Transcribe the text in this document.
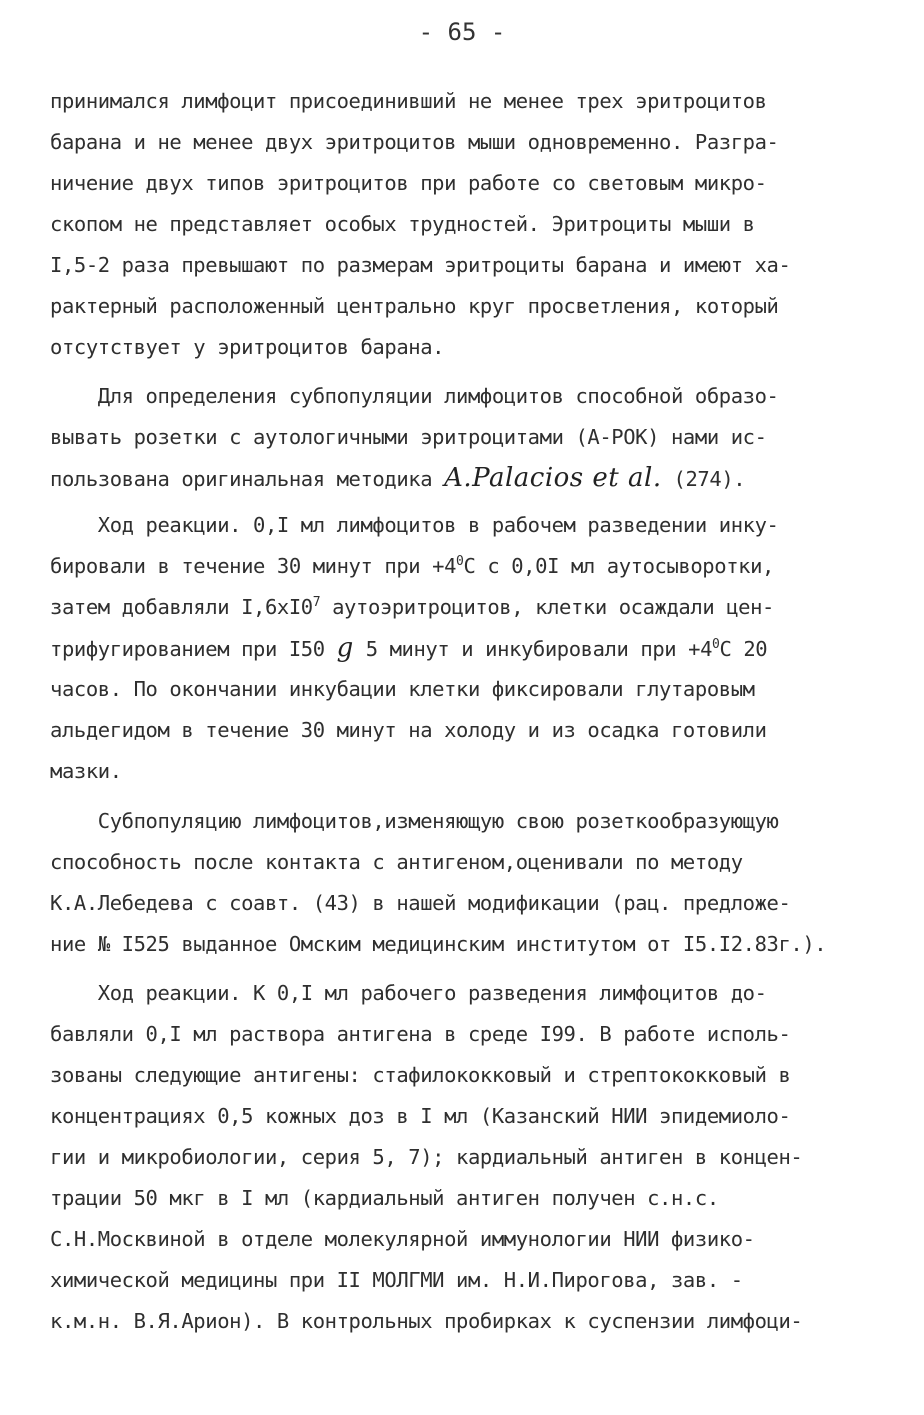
- 65 -
принимался лимфоцит присоединивший не менее трех эритроцитов
барана и не менее двух эритроцитов мыши одновременно. Разгра-
ничение двух типов эритроцитов при работе со световым микро-
скопом не представляет особых трудностей. Эритроциты мыши в
I,5-2 раза превышают по размерам эритроциты барана и имеют ха-
рактерный расположенный центрально круг просветления, который
отсутствует у эритроцитов барана.
Для определения субпопуляции лимфоцитов способной образо-
вывать розетки с аутологичными эритроцитами (А-РОК) нами ис-
пользована оригинальная методика A.Palacios et al. (274).
Ход реакции. 0,I мл лимфоцитов в рабочем разведении инку-
бировали в течение 30 минут при $+4^0С$ с 0,0I мл аутосыворотки,
затем добавляли $I,6хI0^7$ аутоэритроцитов, клетки осаждали цен-
трифугированием при I50 g 5 минут и инкубировали при $+4^0С$ 20
часов. По окончании инкубации клетки фиксировали глутаровым
альдегидом в течение 30 минут на холоду и из осадка готовили
мазки.
Субпопуляцию лимфоцитов,изменяющую свою розеткообразующую
способность после контакта с антигеном,оценивали по методу
К.А.Лебедева с соавт. (43) в нашей модификации (рац. предложе-
ние № I525 выданное Омским медицинским институтом от I5.I2.83г.).
Ход реакции. К 0,I мл рабочего разведения лимфоцитов до-
бавляли 0,I мл раствора антигена в среде I99. В работе исполь-
зованы следующие антигены: стафилококковый и стрептококковый в
концентрациях 0,5 кожных доз в I мл (Казанский НИИ эпидемиоло-
гии и микробиологии, серия 5, 7); кардиальный антиген в концен-
трации 50 мкг в I мл (кардиальный антиген получен с.н.с.
С.Н.Москвиной в отделе молекулярной иммунологии НИИ физико-
химической медицины при II МОЛГМИ им. Н.И.Пирогова, зав. -
к.м.н. В.Я.Арион). В контрольных пробирках к суспензии лимфоци-
